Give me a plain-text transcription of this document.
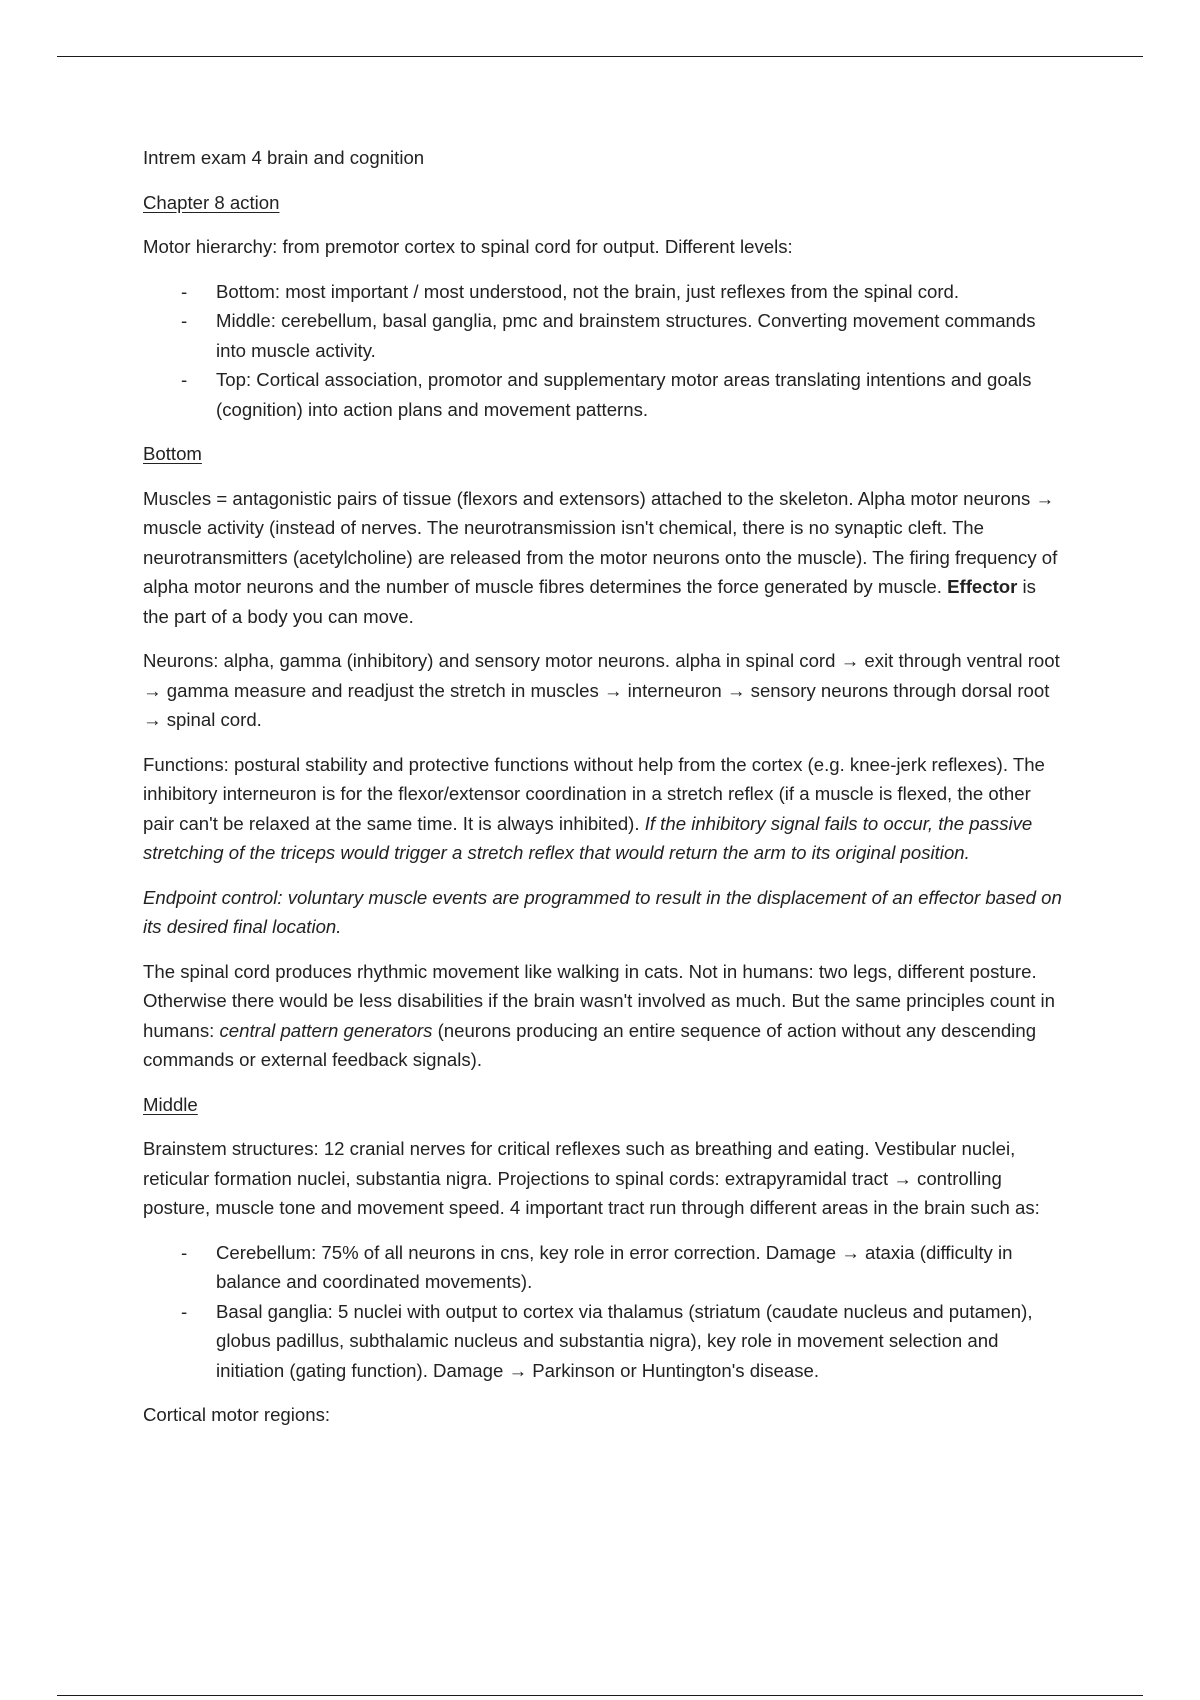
Intrem exam 4 brain and cognition

Chapter 8 action

Motor hierarchy: from premotor cortex to spinal cord for output. Different levels:

- Bottom: most important / most understood, not the brain, just reflexes from the spinal cord.
- Middle: cerebellum, basal ganglia, pmc and brainstem structures. Converting movement commands into muscle activity.
- Top: Cortical association, promotor and supplementary motor areas translating intentions and goals (cognition) into action plans and movement patterns.

Bottom

Muscles = antagonistic pairs of tissue (flexors and extensors) attached to the skeleton. Alpha motor neurons → muscle activity (instead of nerves. The neurotransmission isn't chemical, there is no synaptic cleft. The neurotransmitters (acetylcholine) are released from the motor neurons onto the muscle). The firing frequency of alpha motor neurons and the number of muscle fibres determines the force generated by muscle. Effector is the part of a body you can move.

Neurons: alpha, gamma (inhibitory) and sensory motor neurons. alpha in spinal cord → exit through ventral root → gamma measure and readjust the stretch in muscles → interneuron → sensory neurons through dorsal root → spinal cord.

Functions: postural stability and protective functions without help from the cortex (e.g. knee-jerk reflexes). The inhibitory interneuron is for the flexor/extensor coordination in a stretch reflex (if a muscle is flexed, the other pair can't be relaxed at the same time. It is always inhibited). If the inhibitory signal fails to occur, the passive stretching of the triceps would trigger a stretch reflex that would return the arm to its original position.

Endpoint control: voluntary muscle events are programmed to result in the displacement of an effector based on its desired final location.

The spinal cord produces rhythmic movement like walking in cats. Not in humans: two legs, different posture. Otherwise there would be less disabilities if the brain wasn't involved as much. But the same principles count in humans: central pattern generators (neurons producing an entire sequence of action without any descending commands or external feedback signals).

Middle

Brainstem structures: 12 cranial nerves for critical reflexes such as breathing and eating. Vestibular nuclei, reticular formation nuclei, substantia nigra. Projections to spinal cords: extrapyramidal tract → controlling posture, muscle tone and movement speed. 4 important tract run through different areas in the brain such as:

- Cerebellum: 75% of all neurons in cns, key role in error correction. Damage → ataxia (difficulty in balance and coordinated movements).
- Basal ganglia: 5 nuclei with output to cortex via thalamus (striatum (caudate nucleus and putamen), globus padillus, subthalamic nucleus and substantia nigra), key role in movement selection and initiation (gating function). Damage → Parkinson or Huntington's disease.

Cortical motor regions:
